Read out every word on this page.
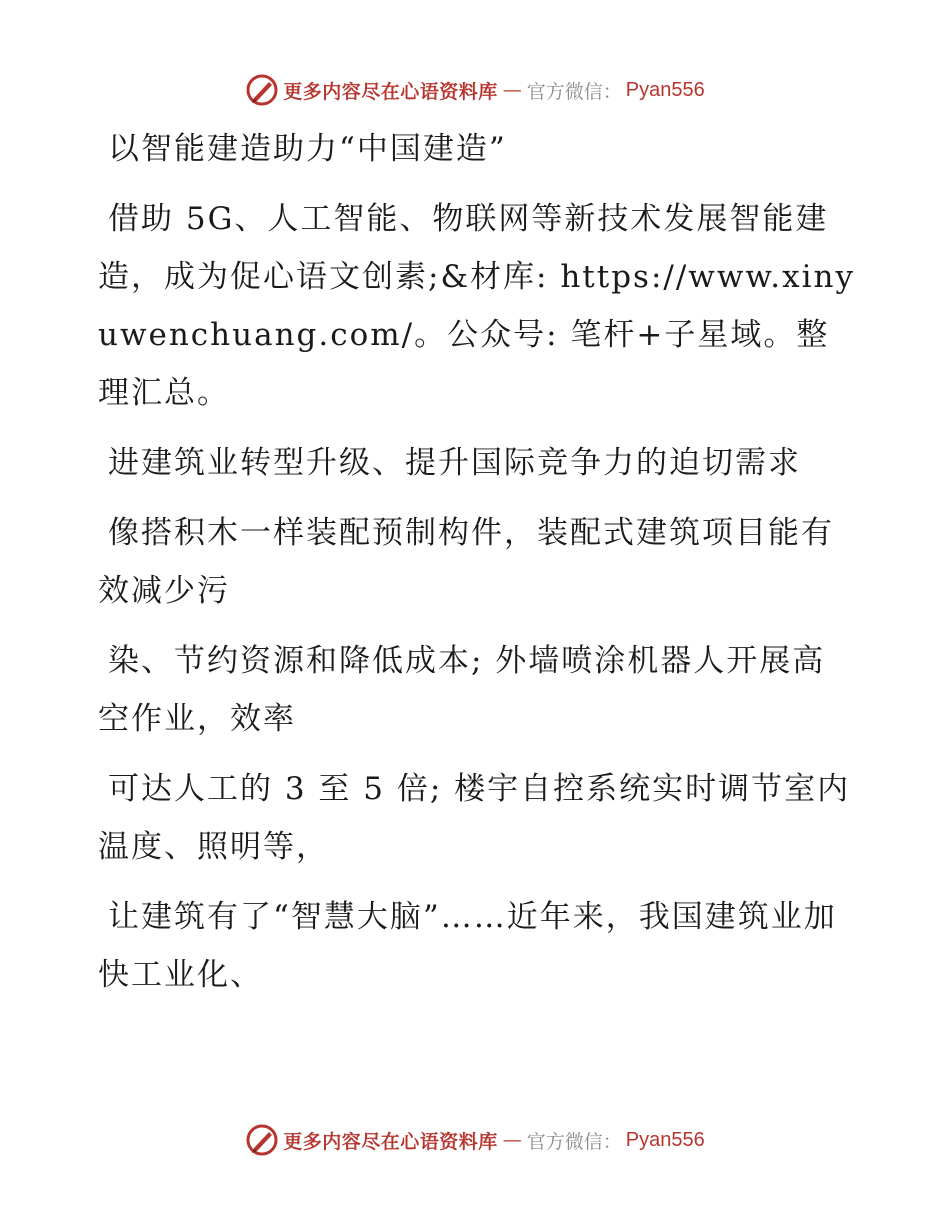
更多内容尽在心语资料库 — 官方微信： Pyan556

以智能建造助力“中国建造”

借助 5G、人工智能、物联网等新技术发展智能建造，成为促心语文创素;&材库: https://www.xinyuwenchuang.com/。公众号: 笔杆+子星域。整理汇总。

进建筑业转型升级、提升国际竞争力的迫切需求

像搭积木一样装配预制构件，装配式建筑项目能有效减少污

染、节约资源和降低成本; 外墙喷涂机器人开展高空作业，效率

可达人工的 3 至 5 倍; 楼宇自控系统实时调节室内温度、照明等，

让建筑有了“智慧大脑”……近年来，我国建筑业加快工业化、

更多内容尽在心语资料库 — 官方微信： Pyan556
